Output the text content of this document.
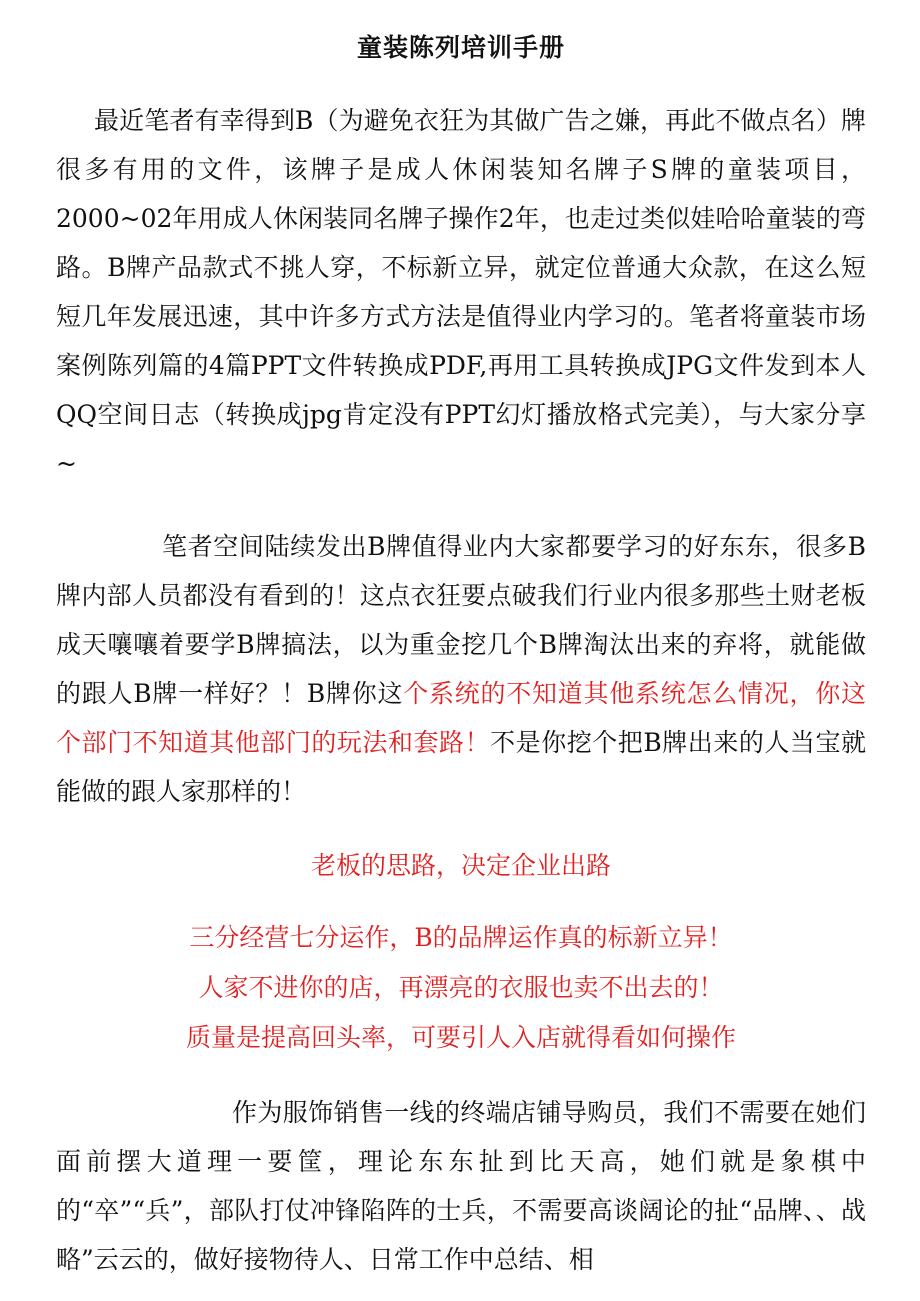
童装陈列培训手册

最近笔者有幸得到B（为避免衣狂为其做广告之嫌，再此不做点名）牌很多有用的文件，该牌子是成人休闲装知名牌子S牌的童装项目，2000~02年用成人休闲装同名牌子操作2年，也走过类似娃哈哈童装的弯路。B牌产品款式不挑人穿，不标新立异，就定位普通大众款，在这么短短几年发展迅速，其中许多方式方法是值得业内学习的。笔者将童装市场案例陈列篇的4篇PPT文件转换成PDF,再用工具转换成JPG文件发到本人QQ空间日志（转换成jpg肯定没有PPT幻灯播放格式完美），与大家分享~

笔者空间陆续发出B牌值得业内大家都要学习的好东东，很多B牌内部人员都没有看到的！这点衣狂要点破我们行业内很多那些土财老板成天嚷嚷着要学B牌搞法，以为重金挖几个B牌淘汰出来的弃将，就能做的跟人B牌一样好？！B牌你这个系统的不知道其他系统怎么情况，你这个部门不知道其他部门的玩法和套路！不是你挖个把B牌出来的人当宝就能做的跟人家那样的！

老板的思路，决定企业出路

三分经营七分运作，B的品牌运作真的标新立异！

人家不进你的店，再漂亮的衣服也卖不出去的！

质量是提高回头率，可要引人入店就得看如何操作

作为服饰销售一线的终端店铺导购员，我们不需要在她们面前摆大道理一要筐，理论东东扯到比天高，她们就是象棋中的“卒”“兵”，部队打仗冲锋陷阵的士兵，不需要高谈阔论的扯“品牌、、战略”云云的，做好接物待人、日常工作中总结、相
